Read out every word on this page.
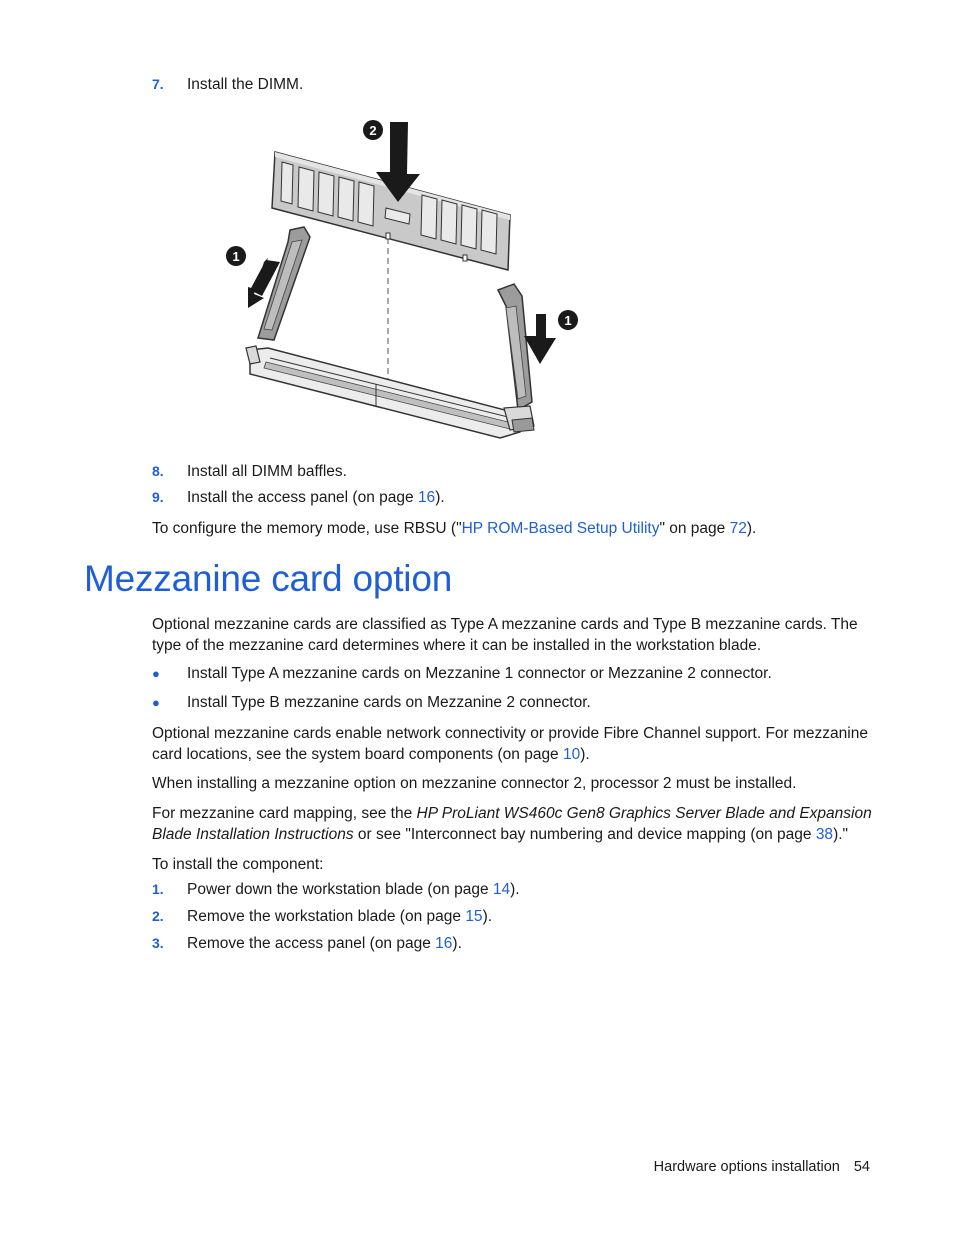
7. Install the DIMM.
2
1
1
8. Install all DIMM baffles.
9. Install the access panel (on page 16).

To configure the memory mode, use RBSU ("HP ROM-Based Setup Utility" on page 72).

Mezzanine card option

Optional mezzanine cards are classified as Type A mezzanine cards and Type B mezzanine cards. The type of the mezzanine card determines where it can be installed in the workstation blade.

● Install Type A mezzanine cards on Mezzanine 1 connector or Mezzanine 2 connector.
● Install Type B mezzanine cards on Mezzanine 2 connector.

Optional mezzanine cards enable network connectivity or provide Fibre Channel support. For mezzanine card locations, see the system board components (on page 10).

When installing a mezzanine option on mezzanine connector 2, processor 2 must be installed.

For mezzanine card mapping, see the HP ProLiant WS460c Gen8 Graphics Server Blade and Expansion Blade Installation Instructions or see "Interconnect bay numbering and device mapping (on page 38)."

To install the component:

1. Power down the workstation blade (on page 14).
2. Remove the workstation blade (on page 15).
3. Remove the access panel (on page 16).
Hardware options installation 54
